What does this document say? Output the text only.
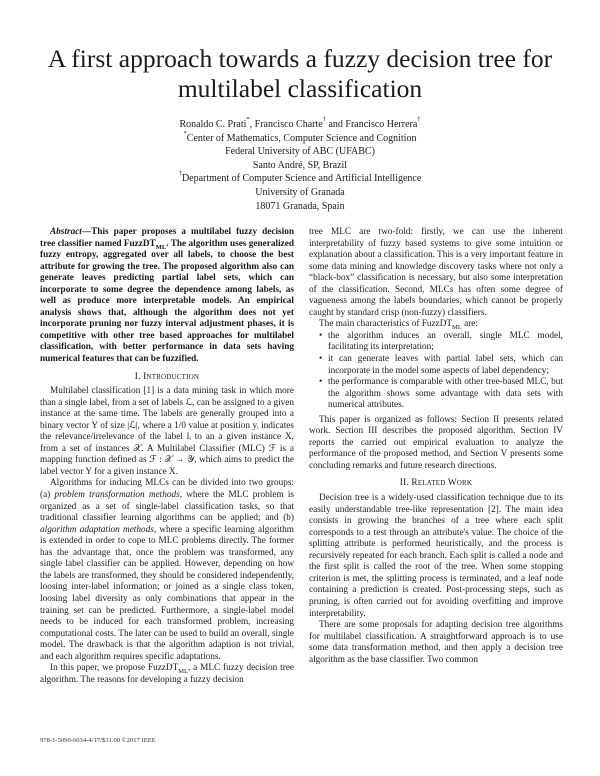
A first approach towards a fuzzy decision tree for multilabel classification
Ronaldo C. Prati*, Francisco Charte† and Francisco Herrera†
*Center of Mathematics, Computer Science and Cognition
Federal University of ABC (UFABC)
Santo André, SP, Brazil
†Department of Computer Science and Artificial Intelligence
University of Granada
18071 Granada, Spain

Abstract—This paper proposes a multilabel fuzzy decision tree classifier named FuzzDT$_{ML}$. The algorithm uses generalized fuzzy entropy, aggregated over all labels, to choose the best attribute for growing the tree. The proposed algorithm also can generate leaves predicting partial label sets, which can incorporate to some degree the dependence among labels, as well as produce more interpretable models. An empirical analysis shows that, although the algorithm does not yet incorporate pruning nor fuzzy interval adjustment phases, it is competitive with other tree based approaches for multilabel classification, with better performance in data sets having numerical features that can be fuzzified.

I. Introduction

Multilabel classification [1] is a data mining task in which more than a single label, from a set of labels ℒ, can be assigned to a given instance at the same time. The labels are generally grouped into a binary vector Y of size |ℒ|, where a 1/0 value at position yᵢ indicates the relevance/irrelevance of the label lᵢ to an a given instance X, from a set of instances 𝒳. A Multilabel Classifier (MLC) ℱ is a mapping function defined as ℱ : 𝒳 → 𝒴, which aims to predict the label vector Y for a given instance X.

Algorithms for inducing MLCs can be divided into two groups: (a) problem transformation methods, where the MLC problem is organized as a set of single-label classification tasks, so that traditional classifier learning algorithms can be applied; and (b) algorithm adaptation methods, where a specific learning algorithm is extended in order to cope to MLC problems directly. The former has the advantage that, once the problem was transformed, any single label classifier can be applied. However, depending on how the labels are transformed, they should be considered independently, loosing inter-label information; or joined as a single class token, loosing label diversity as only combinations that appear in the training set can be predicted. Furthermore, a single-label model needs to be induced for each transformed problem, increasing computational costs. The later can be used to build an overall, single model. The drawback is that the algorithm adaption is not trivial, and each algorithm requires specific adaptations.

In this paper, we propose FuzzDT$_{ML}$, a MLC fuzzy decision tree algorithm. The reasons for developing a fuzzy decision

tree MLC are two-fold: firstly, we can use the inherent interpretability of fuzzy based systems to give some intuition or explanation about a classification. This is a very important feature in some data mining and knowledge discovery tasks where not only a “black-box” classification is necessary, but also some interpretation of the classification. Second, MLCs has often some degree of vagueness among the labels boundaries, which cannot be properly caught by standard crisp (non-fuzzy) classifiers.

The main characteristics of FuzzDT$_{ML}$ are:

• the algorithm induces an overall, single MLC model, facilitating its interpretation;
• it can generate leaves with partial label sets, which can incorporate in the model some aspects of label dependency;
• the performance is comparable with other tree-based MLC, but the algorithm shows some advantage with data sets with numerical attributes.

This paper is organized as follows: Section II presents related work. Section III describes the proposed algorithm. Section IV reports the carried out empirical evaluation to analyze the performance of the proposed method, and Section V presents some concluding remarks and future research directions.

II. Related Work

Decision tree is a widely-used classification technique due to its easily understandable tree-like representation [2]. The main idea consists in growing the branches of a tree where each split corresponds to a test through an attribute's value. The choice of the splitting attribute is performed heuristically, and the process is recursively repeated for each branch. Each split is called a node and the first split is called the root of the tree. When some stopping criterion is met, the splitting process is terminated, and a leaf node containing a prediction is created. Post-processing steps, such as pruning, is often carried out for avoiding overfitting and improve interpretability.

There are some proposals for adapting decision tree algorithms for multilabel classification. A straightforward approach is to use some data transformation method, and then apply a decision tree algorithm as the base classifier. Two common

978-1-5090-6034-4/17/$31.00 ©2017 IEEE
